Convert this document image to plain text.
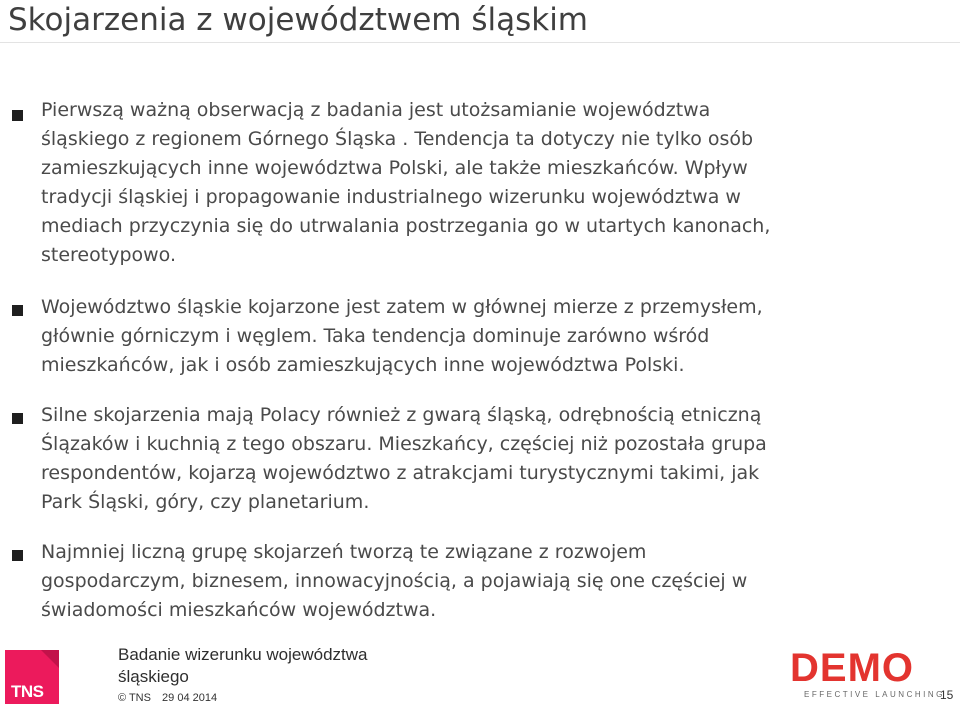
Skojarzenia z województwem śląskim
Pierwszą ważną obserwacją z badania jest utożsamianie województwa
śląskiego z regionem Górnego Śląska . Tendencja ta dotyczy nie tylko osób
zamieszkujących inne województwa Polski, ale także mieszkańców. Wpływ
tradycji śląskiej i propagowanie industrialnego wizerunku województwa w
mediach przyczynia się do utrwalania postrzegania go w utartych kanonach,
stereotypowo.
Województwo śląskie kojarzone jest zatem w głównej mierze z przemysłem,
głównie górniczym i węglem. Taka tendencja dominuje zarówno wśród
mieszkańców, jak i osób zamieszkujących inne województwa Polski.
Silne skojarzenia mają Polacy również z gwarą śląską, odrębnością etniczną
Ślązaków i kuchnią z tego obszaru. Mieszkańcy, częściej niż pozostała grupa
respondentów, kojarzą województwo z atrakcjami turystycznymi takimi, jak
Park Śląski, góry, czy planetarium.
Najmniej liczną grupę skojarzeń tworzą te związane z rozwojem
gospodarczym, biznesem, innowacyjnością, a pojawiają się one częściej w
świadomości mieszkańców województwa.
TNS
Badanie wizerunku województwa
śląskiego
© TNS 29 04 2014
DEMO
EFFECTIVE LAUNCHING
15
